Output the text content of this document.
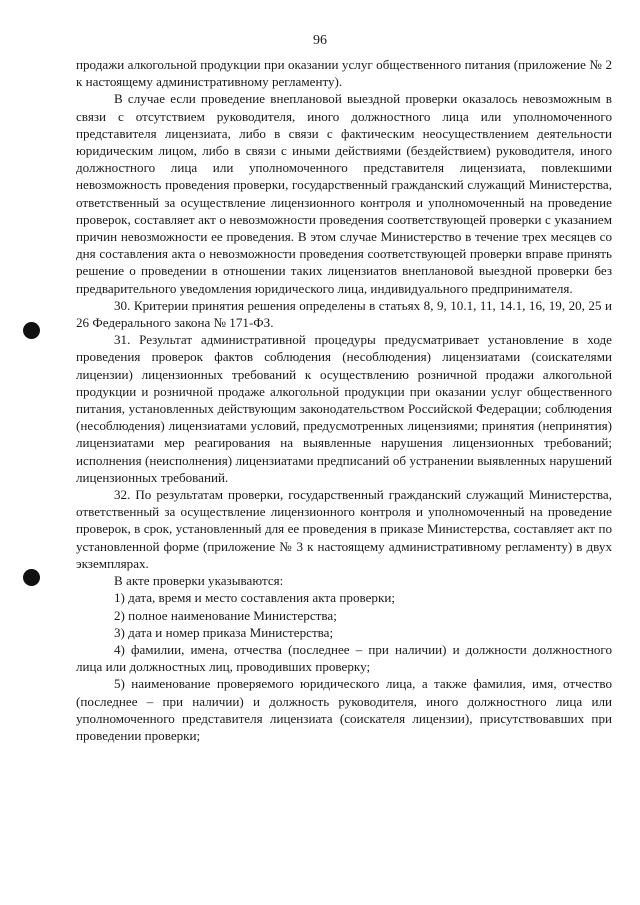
96

продажи алкогольной продукции при оказании услуг общественного питания (приложение № 2 к настоящему административному регламенту).

В случае если проведение внеплановой выездной проверки оказалось невозможным в связи с отсутствием руководителя, иного должностного лица или уполномоченного представителя лицензиата, либо в связи с фактическим неосуществлением деятельности юридическим лицом, либо в связи с иными действиями (бездействием) руководителя, иного должностного лица или уполномоченного представителя лицензиата, повлекшими невозможность проведения проверки, государственный гражданский служащий Министерства, ответственный за осуществление лицензионного контроля и уполномоченный на проведение проверок, составляет акт о невозможности проведения соответствующей проверки с указанием причин невозможности ее проведения. В этом случае Министерство в течение трех месяцев со дня составления акта о невозможности проведения соответствующей проверки вправе принять решение о проведении в отношении таких лицензиатов внеплановой выездной проверки без предварительного уведомления юридического лица, индивидуального предпринимателя.

30. Критерии принятия решения определены в статьях 8, 9, 10.1, 11, 14.1, 16, 19, 20, 25 и 26 Федерального закона № 171-ФЗ.

31. Результат административной процедуры предусматривает установление в ходе проведения проверок фактов соблюдения (несоблюдения) лицензиатами (соискателями лицензии) лицензионных требований к осуществлению розничной продажи алкогольной продукции и розничной продаже алкогольной продукции при оказании услуг общественного питания, установленных действующим законодательством Российской Федерации; соблюдения (несоблюдения) лицензиатами условий, предусмотренных лицензиями; принятия (непринятия) лицензиатами мер реагирования на выявленные нарушения лицензионных требований; исполнения (неисполнения) лицензиатами предписаний об устранении выявленных нарушений лицензионных требований.

32. По результатам проверки, государственный гражданский служащий Министерства, ответственный за осуществление лицензионного контроля и уполномоченный на проведение проверок, в срок, установленный для ее проведения в приказе Министерства, составляет акт по установленной форме (приложение № 3 к настоящему административному регламенту) в двух экземплярах.

В акте проверки указываются:

1) дата, время и место составления акта проверки;

2) полное наименование Министерства;

3) дата и номер приказа Министерства;

4) фамилии, имена, отчества (последнее – при наличии) и должности должностного лица или должностных лиц, проводивших проверку;

5) наименование проверяемого юридического лица, а также фамилия, имя, отчество (последнее – при наличии) и должность руководителя, иного должностного лица или уполномоченного представителя лицензиата (соискателя лицензии), присутствовавших при проведении проверки;
